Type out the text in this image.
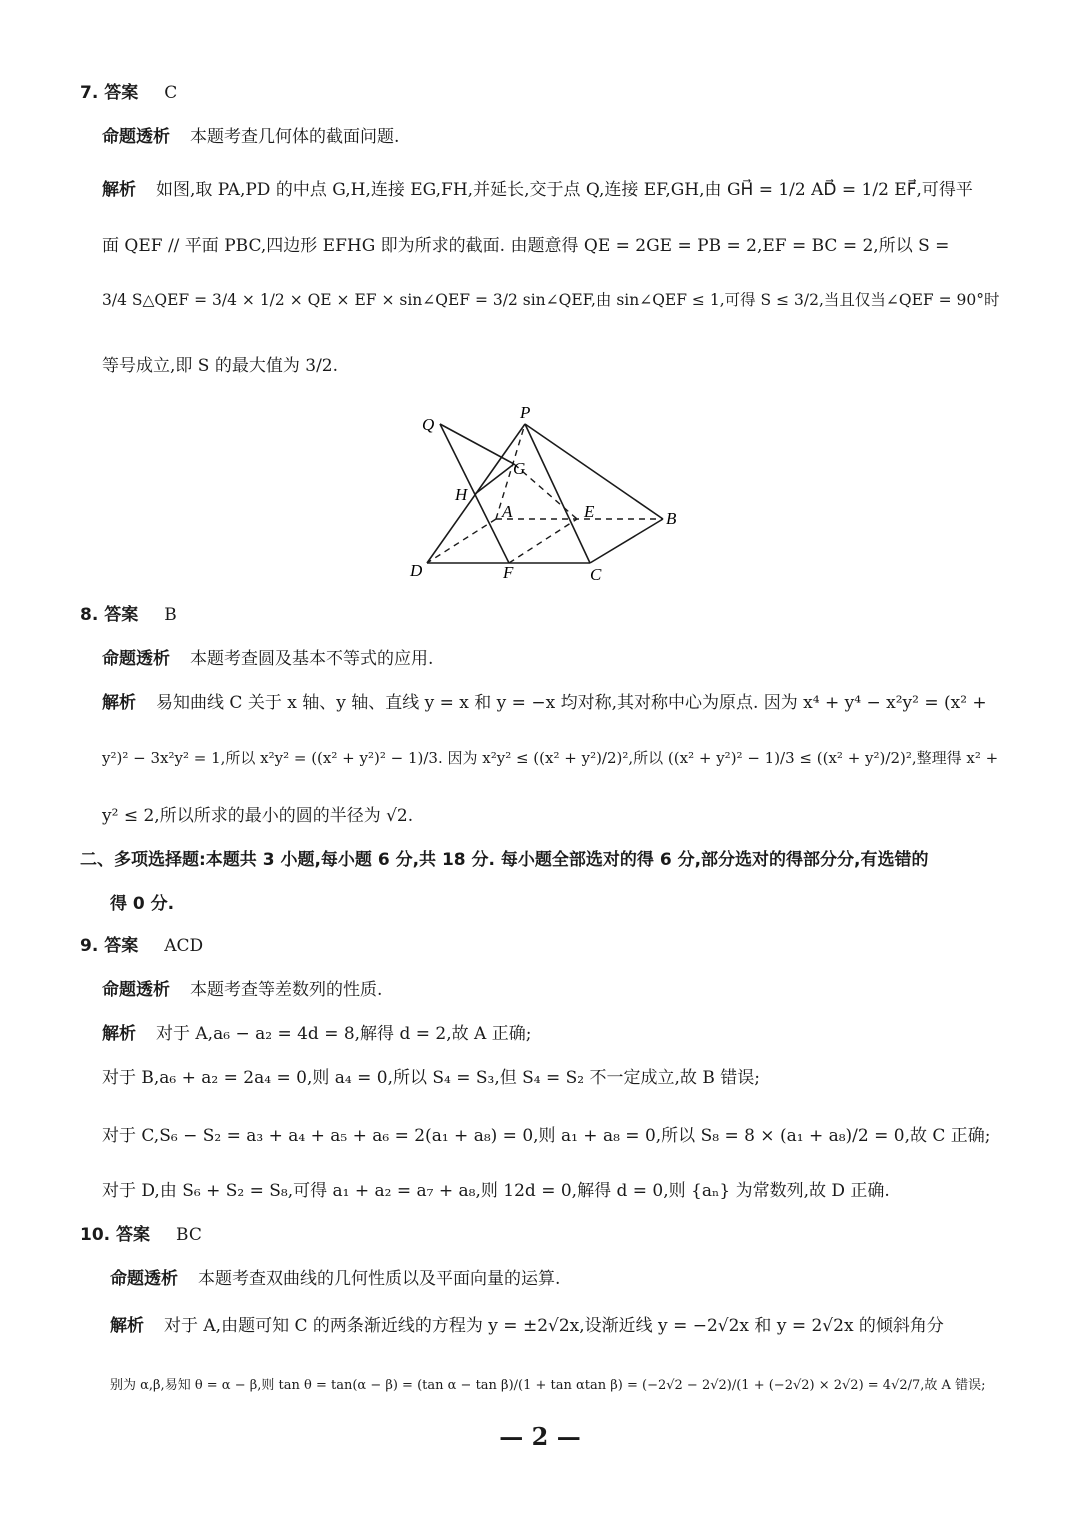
7. 答案 C
命题透析 本题考查几何体的截面问题.
解析 如图,取 PA,PD 的中点 G,H,连接 EG,FH,并延长,交于点 Q,连接 EF,GH,由 GH⃗ = 1/2 AD⃗ = 1/2 EF⃗,可得平
面 QEF // 平面 PBC,四边形 EFHG 即为所求的截面. 由题意得 QE = 2GE = PB = 2,EF = BC = 2,所以 S =
3/4 S△QEF = 3/4 × 1/2 × QE × EF × sin∠QEF = 3/2 sin∠QEF,由 sin∠QEF ≤ 1,可得 S ≤ 3/2,当且仅当∠QEF = 90°时
等号成立,即 S 的最大值为 3/2.
Q
P
G
H
A	E	B
D	F	C
8. 答案 B
命题透析 本题考查圆及基本不等式的应用.
解析 易知曲线 C 关于 x 轴、y 轴、直线 y = x 和 y = −x 均对称,其对称中心为原点. 因为 x⁴ + y⁴ − x²y² = (x² +
y²)² − 3x²y² = 1,所以 x²y² = ((x² + y²)² − 1)/3. 因为 x²y² ≤ ((x² + y²)/2)²,所以 ((x² + y²)² − 1)/3 ≤ ((x² + y²)/2)²,整理得 x² +
y² ≤ 2,所以所求的最小的圆的半径为 √2.
二、多项选择题:本题共 3 小题,每小题 6 分,共 18 分. 每小题全部选对的得 6 分,部分选对的得部分分,有选错的
得 0 分.
9. 答案 ACD
命题透析 本题考查等差数列的性质.
解析 对于 A,a₆ − a₂ = 4d = 8,解得 d = 2,故 A 正确;
对于 B,a₆ + a₂ = 2a₄ = 0,则 a₄ = 0,所以 S₄ = S₃,但 S₄ = S₂ 不一定成立,故 B 错误;
对于 C,S₆ − S₂ = a₃ + a₄ + a₅ + a₆ = 2(a₁ + a₈) = 0,则 a₁ + a₈ = 0,所以 S₈ = 8 × (a₁ + a₈)/2 = 0,故 C 正确;
对于 D,由 S₆ + S₂ = S₈,可得 a₁ + a₂ = a₇ + a₈,则 12d = 0,解得 d = 0,则 {aₙ} 为常数列,故 D 正确.
10. 答案 BC
命题透析 本题考查双曲线的几何性质以及平面向量的运算.
解析 对于 A,由题可知 C 的两条渐近线的方程为 y = ±2√2x,设渐近线 y = −2√2x 和 y = 2√2x 的倾斜角分
别为 α,β,易知 θ = α − β,则 tan θ = tan(α − β) = (tan α − tan β)/(1 + tan αtan β) = (−2√2 − 2√2)/(1 + (−2√2) × 2√2) = 4√2/7,故 A 错误;
— 2 —
